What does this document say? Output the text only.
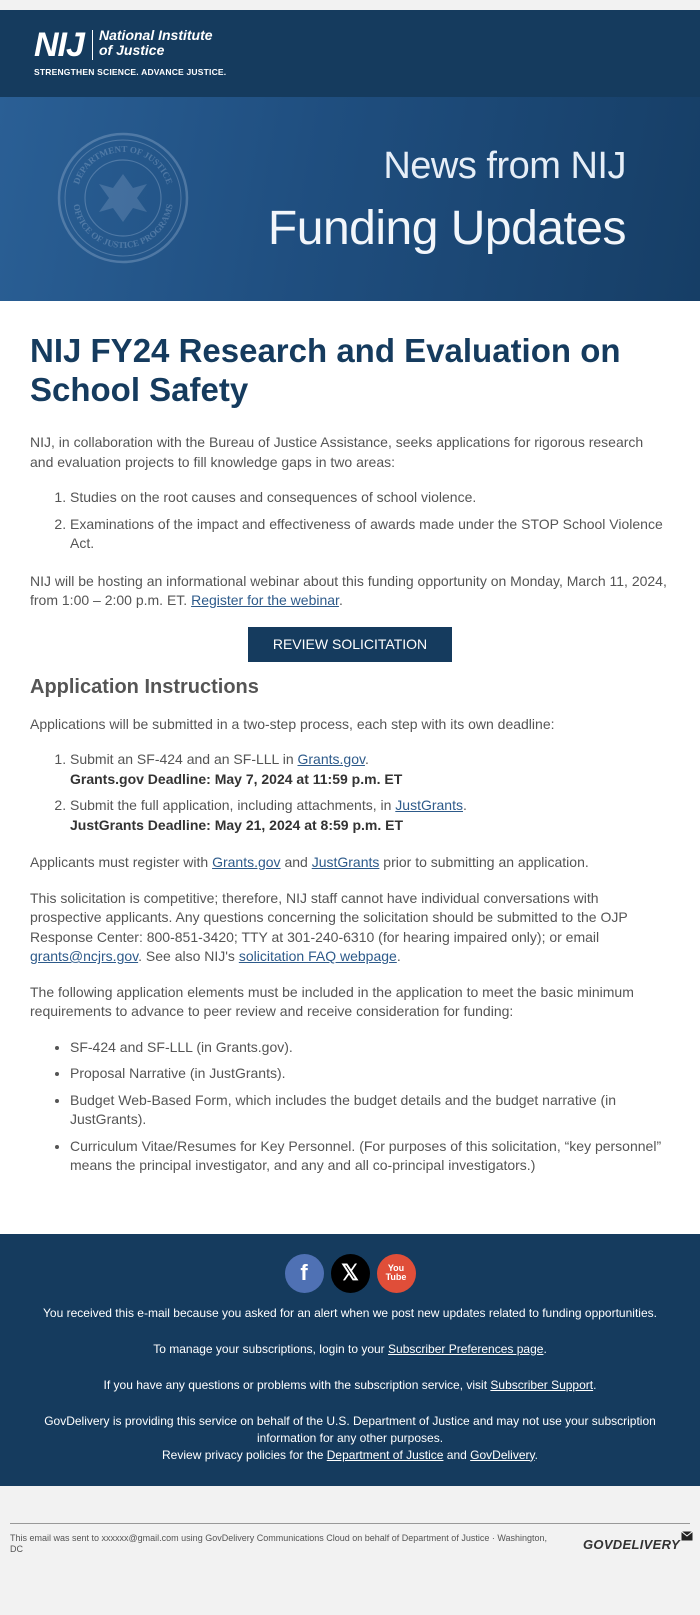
NIJ National Institute
of Justice
STRENGTHEN SCIENCE. ADVANCE JUSTICE.
DEPARTMENT OF JUSTICE
OFFICE OF JUSTICE PROGRAMS
News from NIJ
Funding Updates
NIJ FY24 Research and Evaluation on School Safety

NIJ, in collaboration with the Bureau of Justice Assistance, seeks applications for rigorous research and evaluation projects to fill knowledge gaps in two areas:

1. Studies on the root causes and consequences of school violence.
2. Examinations of the impact and effectiveness of awards made under the STOP School Violence Act.

NIJ will be hosting an informational webinar about this funding opportunity on Monday, March 11, 2024, from 1:00 – 2:00 p.m. ET. Register for the webinar.

REVIEW SOLICITATION
Application Instructions

Applications will be submitted in a two-step process, each step with its own deadline:

1. Submit an SF-424 and an SF-LLL in Grants.gov.
Grants.gov Deadline: May 7, 2024 at 11:59 p.m. ET
2. Submit the full application, including attachments, in JustGrants.
JustGrants Deadline: May 21, 2024 at 8:59 p.m. ET

Applicants must register with Grants.gov and JustGrants prior to submitting an application.

This solicitation is competitive; therefore, NIJ staff cannot have individual conversations with prospective applicants. Any questions concerning the solicitation should be submitted to the OJP Response Center: 800-851-3420; TTY at 301-240-6310 (for hearing impaired only); or email grants@ncjrs.gov. See also NIJ's solicitation FAQ webpage.

The following application elements must be included in the application to meet the basic minimum requirements to advance to peer review and receive consideration for funding:

• SF-424 and SF-LLL (in Grants.gov).
• Proposal Narrative (in JustGrants).
• Budget Web-Based Form, which includes the budget details and the budget narrative (in JustGrants).
• Curriculum Vitae/Resumes for Key Personnel. (For purposes of this solicitation, “key personnel” means the principal investigator, and any and all co-principal investigators.)
f	𝕏	You Tube

You received this e-mail because you asked for an alert when we post new updates related to funding opportunities.

To manage your subscriptions, login to your Subscriber Preferences page.

If you have any questions or problems with the subscription service, visit Subscriber Support.

GovDelivery is providing this service on behalf of the U.S. Department of Justice and may not use your subscription information for any other purposes.
Review privacy policies for the Department of Justice and GovDelivery.

This email was sent to xxxxxx@gmail.com using GovDelivery Communications Cloud on behalf of Department of Justice · Washington, DC	GOVDELIVERY
